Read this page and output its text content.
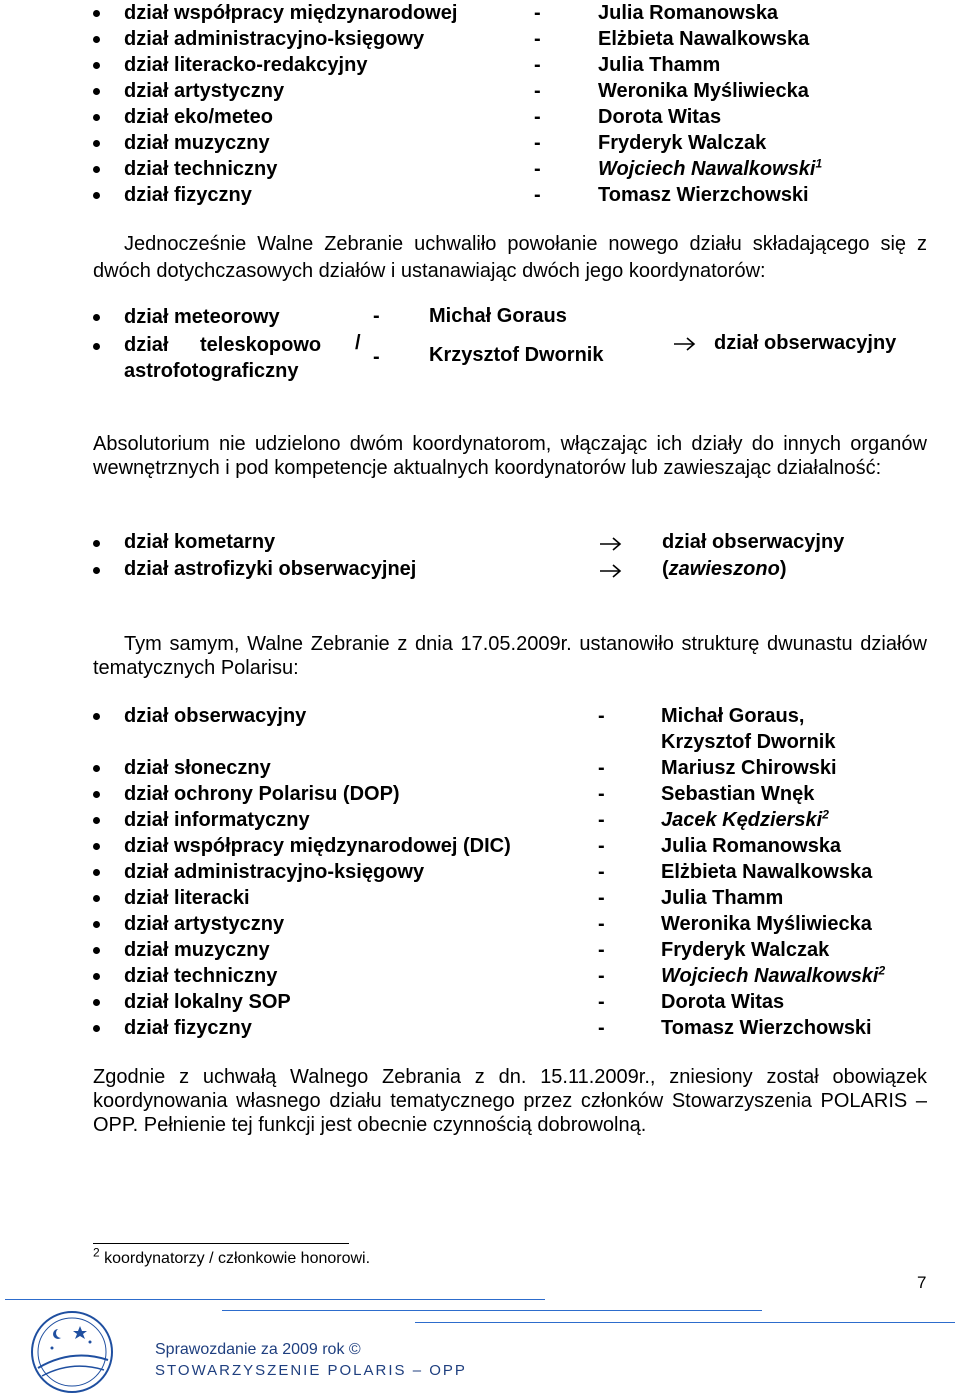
dział współpracy międzynarodowej	-	Julia Romanowska
dział administracyjno-księgowy	-	Elżbieta Nawalkowska
dział literacko-redakcyjny	-	Julia Thamm
dział artystyczny	-	Weronika Myśliwiecka
dział eko/meteo	-	Dorota Witas
dział muzyczny	-	Fryderyk Walczak
dział techniczny	-	Wojciech Nawalkowski$^1$
dział fizyczny	-	Tomasz Wierzchowski
Jednocześnie Walne Zebranie uchwaliło powołanie nowego działu składającego się z dwóch dotychczasowych działów i ustanawiając dwóch jego koordynatorów:
dział meteorowy	- Michał Goraus
dział teleskopowo /
astrofotograficzny
- Krzysztof Dwornik
dział obserwacyjny
Absolutorium nie udzielono dwóm koordynatorom, włączając ich działy do innych organów wewnętrznych i pod kompetencje aktualnych koordynatorów lub zawieszając działalność:
dział kometarny	dział obserwacyjny
dział astrofizyki obserwacyjnej	(zawieszono)
Tym samym, Walne Zebranie z dnia 17.05.2009r. ustanowiło strukturę dwunastu działów tematycznych Polarisu:
dział obserwacyjny	-	Michał Goraus,
Krzysztof Dwornik
dział słoneczny	-	Mariusz Chirowski
dział ochrony Polarisu (DOP)	-	Sebastian Wnęk
dział informatyczny	-	Jacek Kędzierski$^2$
dział współpracy międzynarodowej (DIC)	-	Julia Romanowska
dział administracyjno-księgowy	-	Elżbieta Nawalkowska
dział literacki	-	Julia Thamm
dział artystyczny	-	Weronika Myśliwiecka
dział muzyczny	-	Fryderyk Walczak
dział techniczny	-	Wojciech Nawalkowski$^2$
dział lokalny SOP	-	Dorota Witas
dział fizyczny	-	Tomasz Wierzchowski
Zgodnie z uchwałą Walnego Zebrania z dn. 15.11.2009r., zniesiony został obowiązek koordynowania własnego działu tematycznego przez członków Stowarzyszenia POLARIS – OPP. Pełnienie tej funkcji jest obecnie czynnością dobrowolną.
$^2$ koordynatorzy / członkowie honorowi.
7
Sprawozdanie za 2009 rok ©
STOWARZYSZENIE POLARIS – OPP
